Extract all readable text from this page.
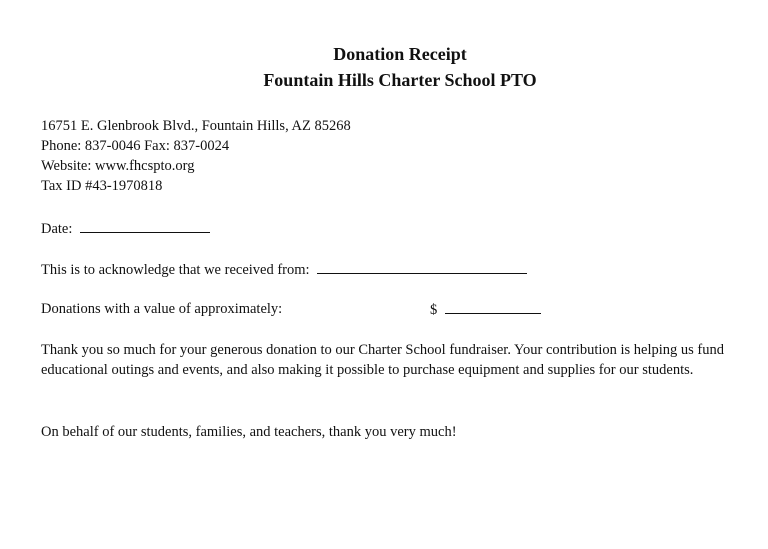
Donation Receipt
Fountain Hills Charter School PTO
16751 E. Glenbrook Blvd., Fountain Hills, AZ 85268
Phone: 837-0046 Fax: 837-0024
Website: www.fhcspto.org
Tax ID #43-1970818
Date:
This is to acknowledge that we received from:
Donations with a value of approximately:	$
Thank you so much for your generous donation to our Charter School fundraiser. Your contribution is helping us fund educational outings and events, and also making it possible to purchase equipment and supplies for our students.
On behalf of our students, families, and teachers, thank you very much!
